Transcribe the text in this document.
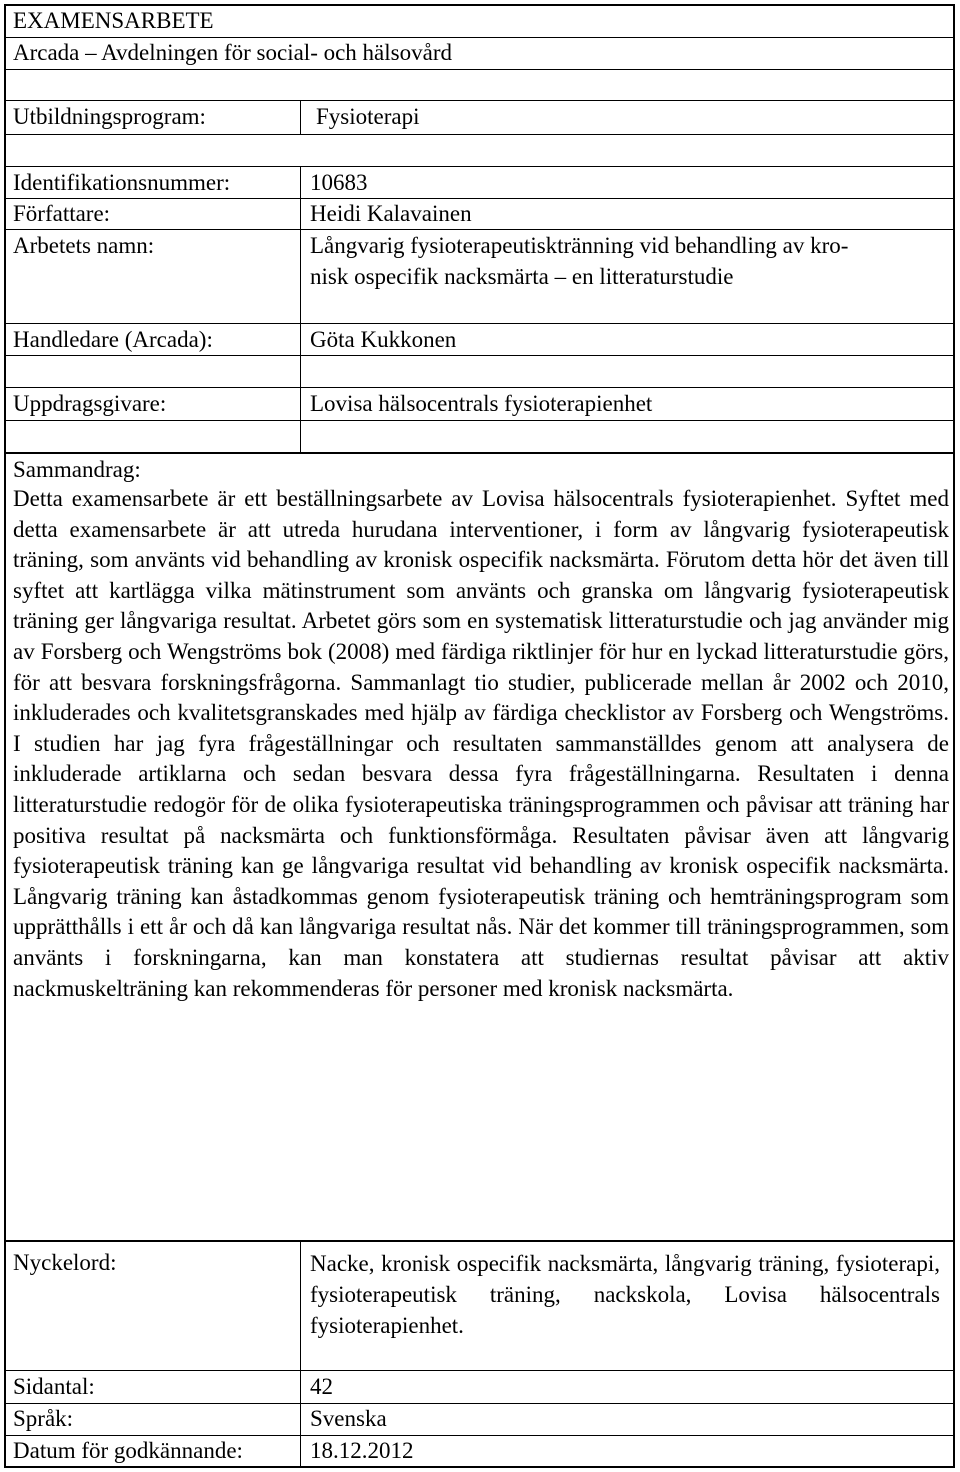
EXAMENSARBETE
Arcada – Avdelningen för social- och hälsovård
Utbildningsprogram:	Fysioterapi
Identifikationsnummer:	10683
Författare:	Heidi Kalavainen
Arbetets namn:	Långvarig fysioterapeutisktränning vid behandling av kro-
nisk ospecifik nacksmärta – en litteraturstudie
Handledare (Arcada):	Göta Kukkonen
Uppdragsgivare:	Lovisa hälsocentrals fysioterapienhet
Sammandrag:
Detta examensarbete är ett beställningsarbete av Lovisa hälsocentrals fysioterapienhet. Syftet med detta examensarbete är att utreda hurudana interventioner, i form av långvarig fysioterapeutisk träning, som använts vid behandling av kronisk ospecifik nacksmärta. Förutom detta hör det även till syftet att kartlägga vilka mätinstrument som använts och granska om långvarig fysioterapeutisk träning ger långvariga resultat. Arbetet görs som en systematisk litteraturstudie och jag använder mig av Forsberg och Wengströms bok (2008) med färdiga riktlinjer för hur en lyckad litteraturstudie görs, för att besvara forskningsfrågorna. Sammanlagt tio studier, publicerade mellan år 2002 och 2010, inkluderades och kvalitetsgranskades med hjälp av färdiga checklistor av Forsberg och Wengströms. I studien har jag fyra frågeställningar och resultaten sammanställdes genom att analysera de inkluderade artiklarna och sedan besvara dessa fyra frågeställningarna. Resultaten i denna litteraturstudie redogör för de olika fysioterapeutiska träningsprogrammen och påvisar att träning har positiva resultat på nacksmärta och funktionsförmåga. Resultaten påvisar även att långvarig fysioterapeutisk träning kan ge långvariga resultat vid behandling av kronisk ospecifik nacksmärta. Långvarig träning kan åstadkommas genom fysioterapeutisk träning och hemträningsprogram som upprätthålls i ett år och då kan långvariga resultat nås. När det kommer till träningsprogrammen, som använts i forskningarna, kan man konstatera att studiernas resultat påvisar att aktiv nackmuskelträning kan rekommenderas för personer med kronisk nacksmärta.
Nyckelord:	Nacke, kronisk ospecifik nacksmärta, långvarig träning, fysioterapi, fysioterapeutisk träning, nackskola, Lovisa hälsocentrals fysioterapienhet.
Sidantal:	42
Språk:	Svenska
Datum för godkännande:	18.12.2012
